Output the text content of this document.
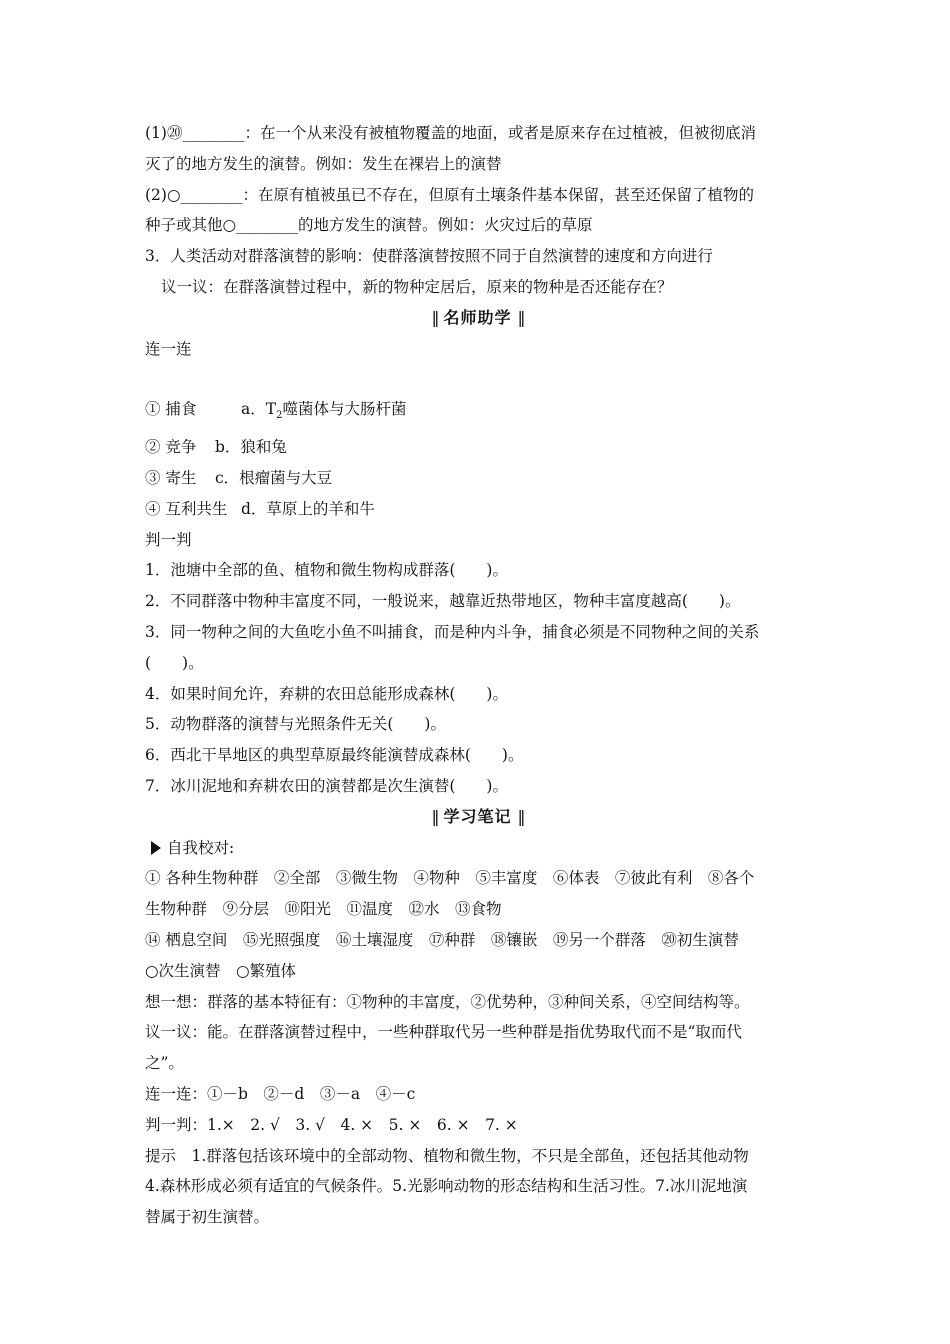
(1)⑳________：在一个从来没有被植物覆盖的地面，或者是原来存在过植被，但被彻底消
灭了的地方发生的演替。例如：发生在裸岩上的演替
(2)○________：在原有植被虽已不存在，但原有土壤条件基本保留，甚至还保留了植物的
种子或其他○________的地方发生的演替。例如：火灾过后的草原
3．人类活动对群落演替的影响：使群落演替按照不同于自然演替的速度和方向进行
议一议：在群落演替过程中，新的物种定居后，原来的物种是否还能存在？
‖ 名师助学 ‖
连一连
① 捕食	a．$T_2$噬菌体与大肠杆菌
② 竞争 b．狼和兔
③ 寄生 c．根瘤菌与大豆
④ 互利共生 d．草原上的羊和牛
判一判
1．池塘中全部的鱼、植物和微生物构成群落(　　)。
2．不同群落中物种丰富度不同，一般说来，越靠近热带地区，物种丰富度越高(　　)。
3．同一物种之间的大鱼吃小鱼不叫捕食，而是种内斗争，捕食必须是不同物种之间的关系
(　　)。
4．如果时间允许，弃耕的农田总能形成森林(　　)。
5．动物群落的演替与光照条件无关(　　)。
6．西北干旱地区的典型草原最终能演替成森林(　　)。
7．冰川泥地和弃耕农田的演替都是次生演替(　　)。
‖ 学习笔记 ‖
自我校对:
① 各种生物种群　②全部　③微生物　④物种　⑤丰富度　⑥体表　⑦彼此有利　⑧各个
生物种群　⑨分层　⑩阳光　⑪温度　⑫水　⑬食物
⑭ 栖息空间　⑮光照强度　⑯土壤湿度　⑰种群　⑱镶嵌　⑲另一个群落　⑳初生演替
○次生演替　○繁殖体
想一想：群落的基本特征有：①物种的丰富度，②优势种，③种间关系，④空间结构等。
议一议：能。在群落演替过程中，一些种群取代另一些种群是指优势取代而不是“取而代
之”。
连一连：①－b　②－d　③－a　④－c
判一判：1.×　2. √　3. √　4. ×　5. ×　6. ×　7. ×
提示　1.群落包括该环境中的全部动物、植物和微生物，不只是全部鱼，还包括其他动物
4.森林形成必须有适宜的气候条件。5.光影响动物的形态结构和生活习性。7.冰川泥地演
替属于初生演替。
